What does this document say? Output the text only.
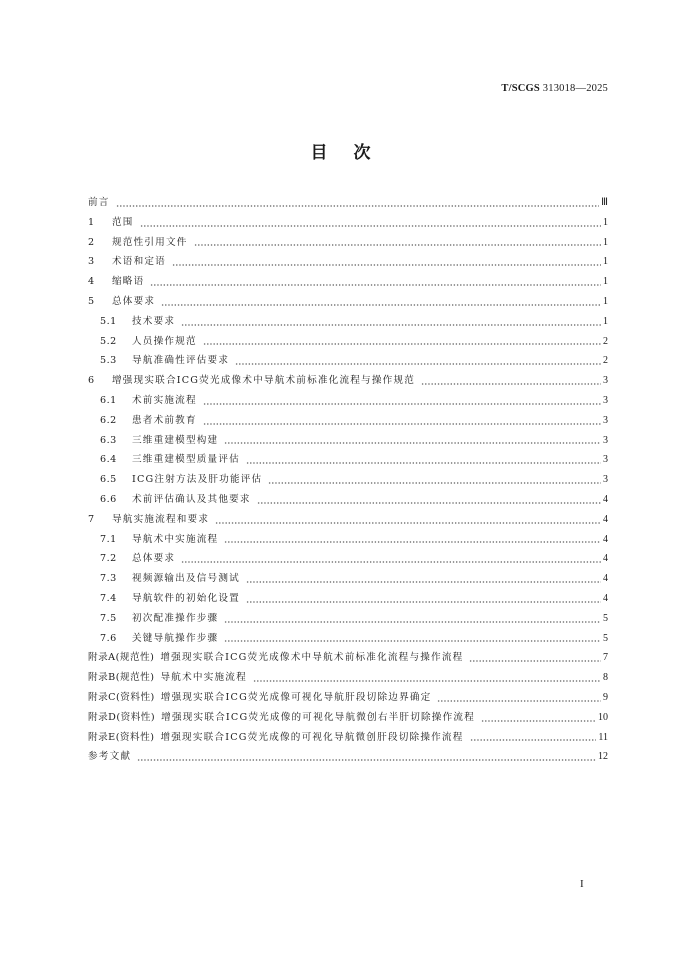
T/SCGS 313018—2025
目次
前言	Ⅲ
1	范围	1
2	规范性引用文件	1
3	术语和定语	1
4	缩略语	1
5	总体要求	1
5.1	技术要求	1
5.2	人员操作规范	2
5.3	导航准确性评估要求	2
6	增强现实联合ICG荧光成像术中导航术前标准化流程与操作规范	3
6.1	术前实施流程	3
6.2	患者术前教育	3
6.3	三维重建模型构建	3
6.4	三维重建模型质量评估	3
6.5	ICG注射方法及肝功能评估	3
6.6	术前评估确认及其他要求	4
7	导航实施流程和要求	4
7.1	导航术中实施流程	4
7.2	总体要求	4
7.3	视频源输出及信号测试	4
7.4	导航软件的初始化设置	4
7.5	初次配准操作步骤	5
7.6	关键导航操作步骤	5
附录A(规范性) 增强现实联合ICG荧光成像术中导航术前标准化流程与操作流程	7
附录B(规范性) 导航术中实施流程	8
附录C(资料性) 增强现实联合ICG荧光成像可视化导航肝段切除边界确定	9
附录D(资料性) 增强现实联合ICG荧光成像的可视化导航微创右半肝切除操作流程	10
附录E(资料性) 增强现实联合ICG荧光成像的可视化导航微创肝段切除操作流程	11
参考文献	12
I
